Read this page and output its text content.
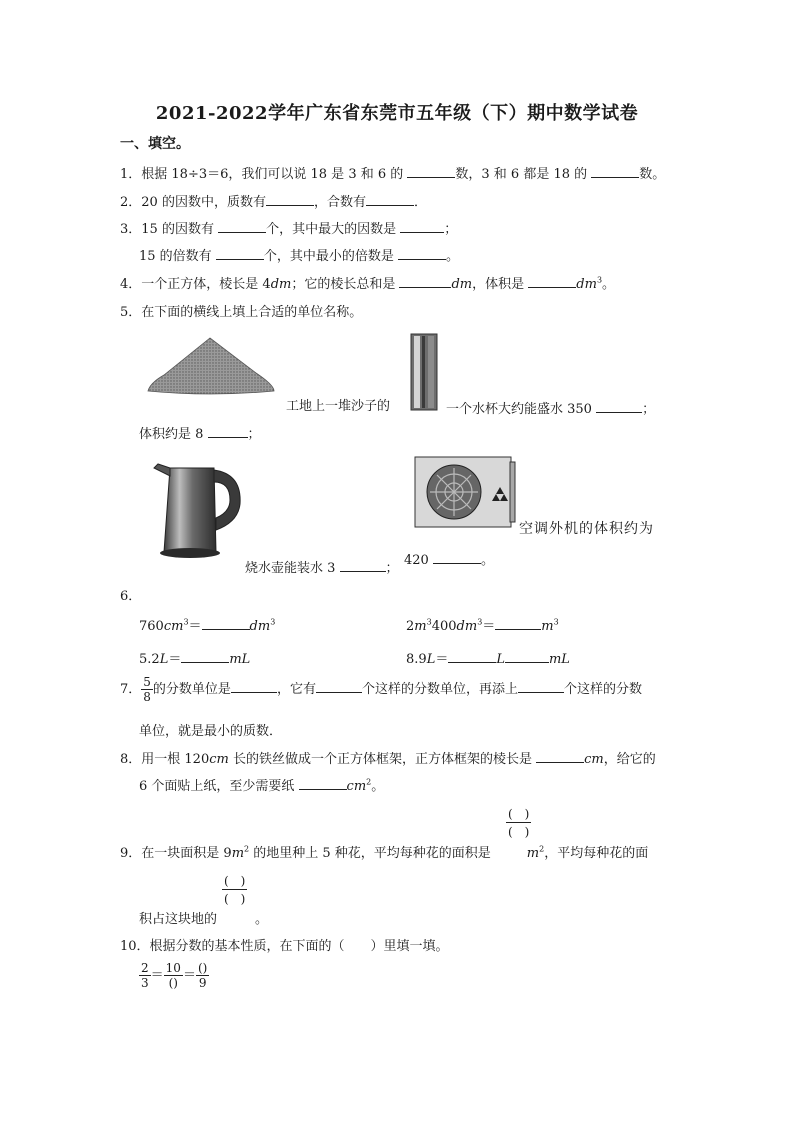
2021-2022学年广东省东莞市五年级（下）期中数学试卷
一、填空。
1．根据 18÷3＝6，我们可以说 18 是 3 和 6 的	数，3 和 6 都是 18 的	数。
2．20 的因数中，质数有	，合数有	．
3．15 的因数有	个，其中最大的因数是	；
15 的倍数有	个，其中最小的倍数是	。
4．一个正方体，棱长是 4dm；它的棱长总和是	dm，体积是	$dm^3$。
5．在下面的横线上填上合适的单位名称。
工地上一堆沙子的	一个水杯大约能盛水 350	；
体积约是 8	；
烧水壶能装水 3	；
空调外机的体积约为
420	。
6．
$760cm^3=$	$dm^3$	$2m^3400dm^3=$	$m^3$
5.2L＝	mL	8.9L＝	L	mL
7． $\frac{5}{8}$ 的分数单位是	，它有	个这样的分数单位，再添上	个这样的分数
单位，就是最小的质数．
8．用一根 120cm 长的铁丝做成一个正方体框架，正方体框架的棱长是	cm，给它的
6 个面贴上纸，至少需要纸	$cm^2$。
(　)
(　)
9．在一块面积是 $9m^2$ 的地里种上 5 种花，平均每种花的面积是	$m^2$，平均每种花的面
(　)
(　)
积占这块地的	。
10．根据分数的基本性质，在下面的（　　）里填一填。
$\frac{2}{3} = \frac{10}{()} = \frac{()}{9}$
